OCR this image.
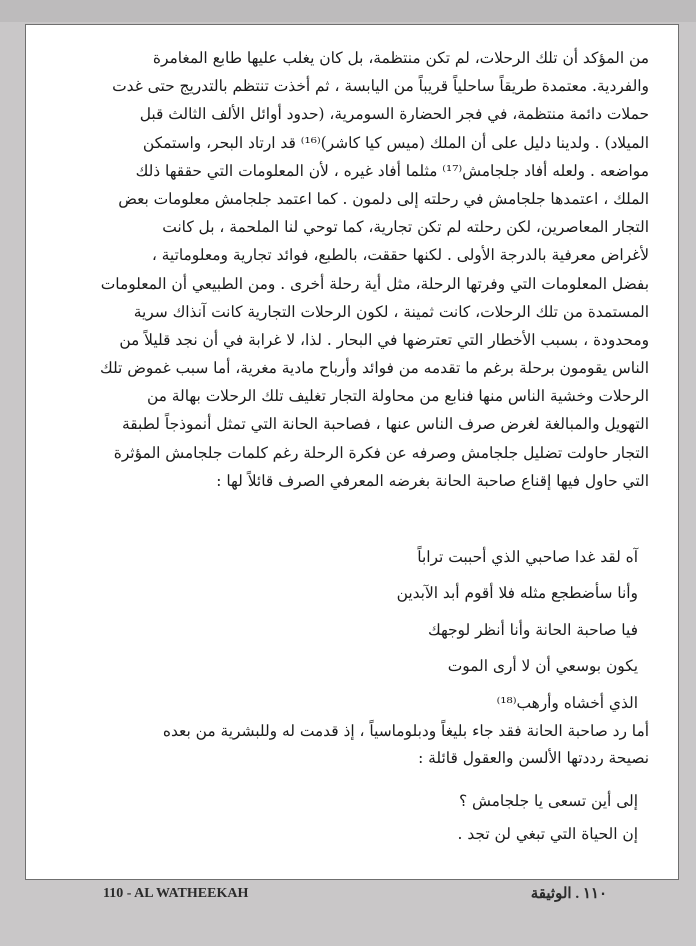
من المؤكد أن تلك الرحلات، لم تكن منتظمة، بل كان يغلب عليها طابع المغامرة
والفردية. معتمدة طريقاً ساحلياً قريباً من اليابسة ، ثم أخذت تنتظم بالتدريج حتى غدت
حملات دائمة منتظمة، في فجر الحضارة السومرية، (حدود أوائل الألف الثالث قبل
الميلاد) . ولدينا دليل على أن الملك (ميس كيا كاشر)⁽¹⁶⁾ قد ارتاد البحر، واستمكن
مواضعه . ولعله أفاد جلجامش⁽¹⁷⁾ مثلما أفاد غيره ، لأن المعلومات التي حققها ذلك
الملك ، اعتمدها جلجامش في رحلته إلى دلمون . كما اعتمد جلجامش معلومات بعض
التجار المعاصرين، لكن رحلته لم تكن تجارية، كما توحي لنا الملحمة ، بل كانت
لأغراض معرفية بالدرجة الأولى . لكنها حققت، بالطبع، فوائد تجارية ومعلوماتية ،
بفضل المعلومات التي وفرتها الرحلة، مثل أية رحلة أخرى . ومن الطبيعي أن المعلومات
المستمدة من تلك الرحلات، كانت ثمينة ، لكون الرحلات التجارية كانت آنذاك سرية
ومحدودة ، بسبب الأخطار التي تعترضها في البحار . لذا، لا غرابة في أن نجد قليلاً من
الناس يقومون برحلة برغم ما تقدمه من فوائد وأرباح مادية مغرية، أما سبب غموض تلك
الرحلات وخشية الناس منها فنابع من محاولة التجار تغليف تلك الرحلات بهالة من
التهويل والمبالغة لغرض صرف الناس عنها ، فصاحبة الحانة التي تمثل أنموذجاً لطبقة
التجار حاولت تضليل جلجامش وصرفه عن فكرة الرحلة رغم كلمات جلجامش المؤثرة
التي حاول فيها إقناع صاحبة الحانة بغرضه المعرفي الصرف قائلاً لها :
آه لقد غدا صاحبي الذي أحببت تراباً
وأنا سأضطجع مثله فلا أقوم أبد الآبدين
فيا صاحبة الحانة وأنا أنظر لوجهك
يكون بوسعي أن لا أرى الموت
الذي أخشاه وأرهب⁽¹⁸⁾
أما رد صاحبة الحانة فقد جاء بليغاً ودبلوماسياً ، إذ قدمت له وللبشرية من بعده
نصيحة رددتها الألسن والعقول قائلة :
إلى أين تسعى يا جلجامش ؟
إن الحياة التي تبغي لن تجد .
110 - AL WATHEEKAH	١١٠ . الوثيقة
